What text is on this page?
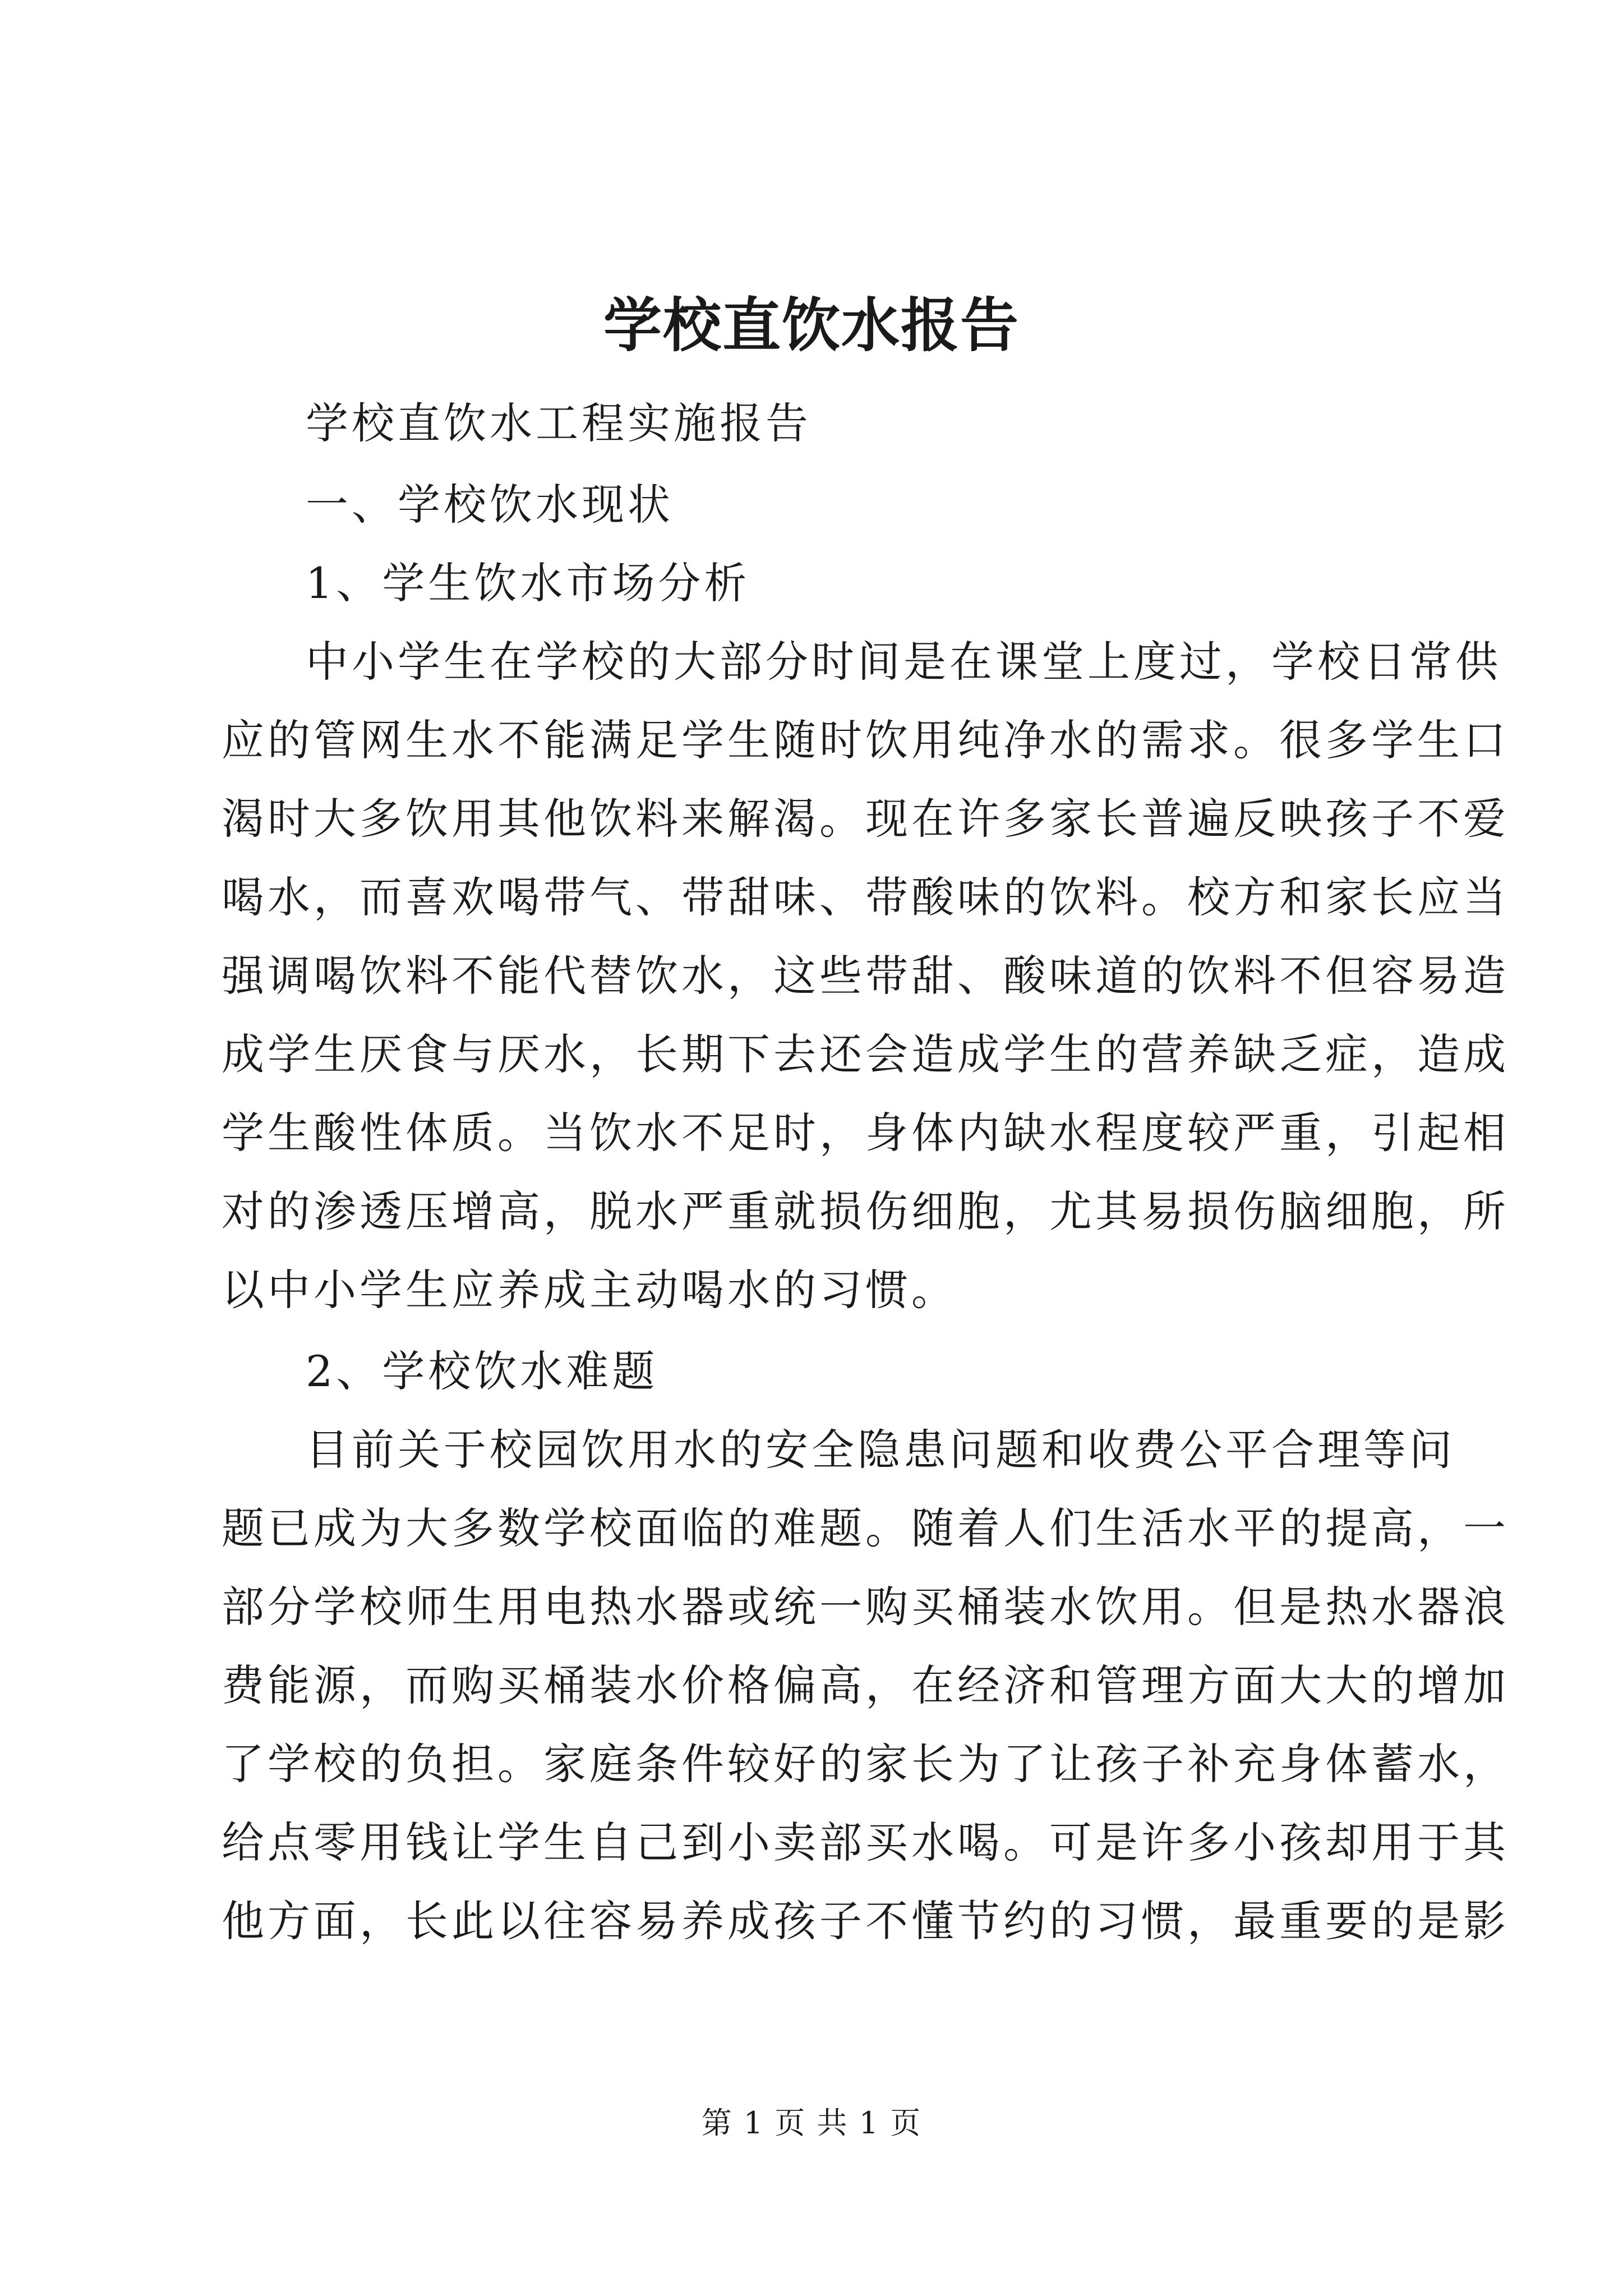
学校直饮水报告
学校直饮水工程实施报告
一、学校饮水现状
1、学生饮水市场分析
中小学生在学校的大部分时间是在课堂上度过，学校日常供
应的管网生水不能满足学生随时饮用纯净水的需求。很多学生口
渴时大多饮用其他饮料来解渴。现在许多家长普遍反映孩子不爱
喝水，而喜欢喝带气、带甜味、带酸味的饮料。校方和家长应当
强调喝饮料不能代替饮水，这些带甜、酸味道的饮料不但容易造
成学生厌食与厌水，长期下去还会造成学生的营养缺乏症，造成
学生酸性体质。当饮水不足时，身体内缺水程度较严重，引起相
对的渗透压增高，脱水严重就损伤细胞，尤其易损伤脑细胞，所
以中小学生应养成主动喝水的习惯。
2、学校饮水难题
目前关于校园饮用水的安全隐患问题和收费公平合理等问
题已成为大多数学校面临的难题。随着人们生活水平的提高，一
部分学校师生用电热水器或统一购买桶装水饮用。但是热水器浪
费能源，而购买桶装水价格偏高，在经济和管理方面大大的增加
了学校的负担。家庭条件较好的家长为了让孩子补充身体蓄水，
给点零用钱让学生自己到小卖部买水喝。可是许多小孩却用于其
他方面，长此以往容易养成孩子不懂节约的习惯，最重要的是影
第 1 页 共 1 页
